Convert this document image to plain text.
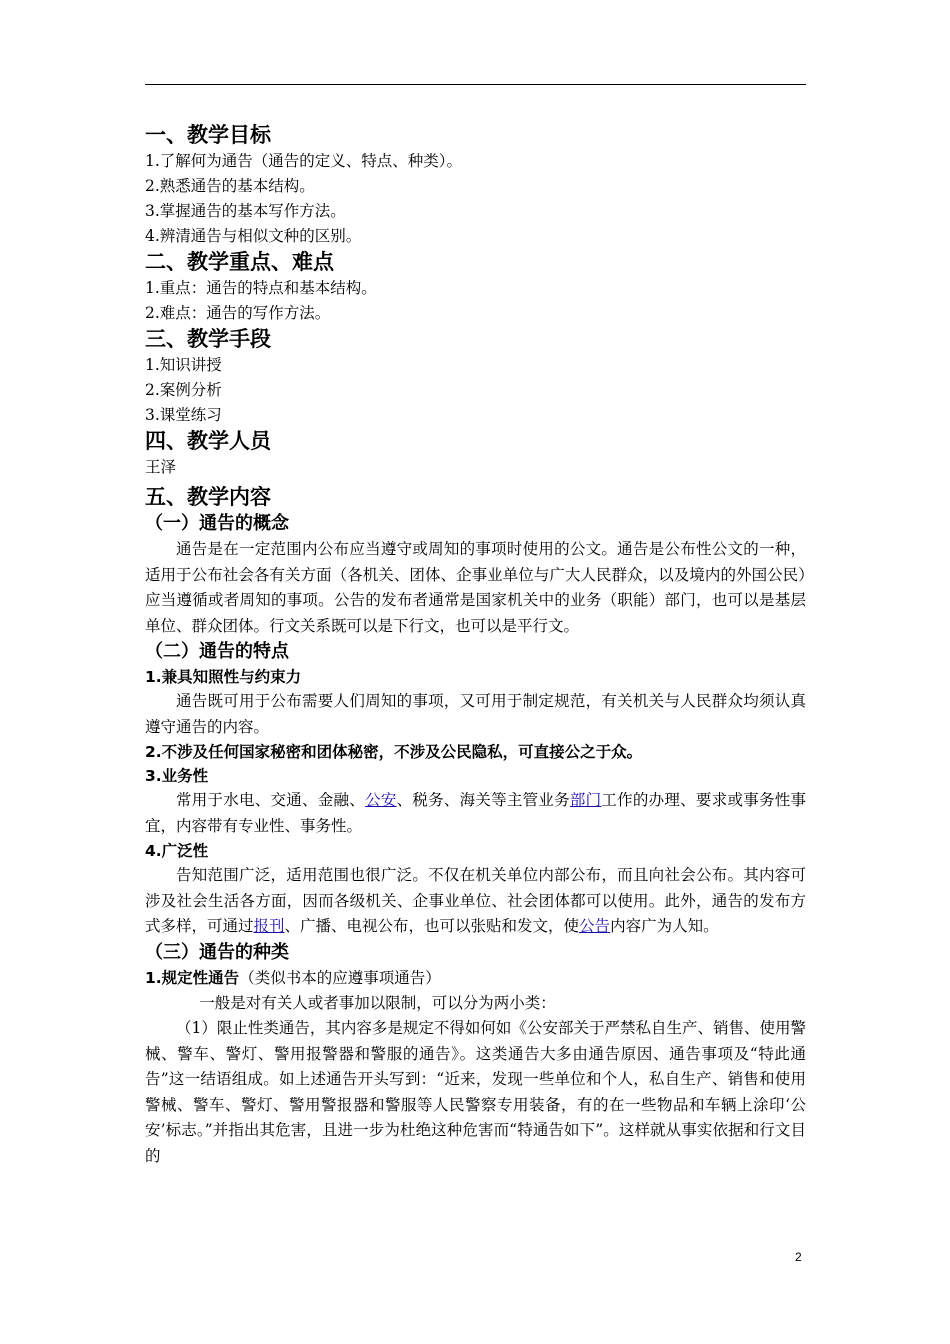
一、教学目标
1.了解何为通告（通告的定义、特点、种类）。
2.熟悉通告的基本结构。
3.掌握通告的基本写作方法。
4.辨清通告与相似文种的区别。
二、教学重点、难点
1.重点：通告的特点和基本结构。
2.难点：通告的写作方法。
三、教学手段
1.知识讲授
2.案例分析
3.课堂练习
四、教学人员
王泽
五、教学内容
（一）通告的概念
通告是在一定范围内公布应当遵守或周知的事项时使用的公文。通告是公布性公文的一种，适用于公布社会各有关方面（各机关、团体、企事业单位与广大人民群众，以及境内的外国公民）应当遵循或者周知的事项。公告的发布者通常是国家机关中的业务（职能）部门，也可以是基层单位、群众团体。行文关系既可以是下行文，也可以是平行文。
（二）通告的特点
1.兼具知照性与约束力
通告既可用于公布需要人们周知的事项，又可用于制定规范，有关机关与人民群众均须认真遵守通告的内容。
2.不涉及任何国家秘密和团体秘密，不涉及公民隐私，可直接公之于众。
3.业务性
常用于水电、交通、金融、公安、税务、海关等主管业务部门工作的办理、要求或事务性事宜，内容带有专业性、事务性。
4.广泛性
告知范围广泛，适用范围也很广泛。不仅在机关单位内部公布，而且向社会公布。其内容可涉及社会生活各方面，因而各级机关、企事业单位、社会团体都可以使用。此外，通告的发布方式多样，可通过报刊、广播、电视公布，也可以张贴和发文，使公告内容广为人知。
（三）通告的种类
1.规定性通告（类似书本的应遵事项通告）
一般是对有关人或者事加以限制，可以分为两小类：
（1）限止性类通告，其内容多是规定不得如何如《公安部关于严禁私自生产、销售、使用警械、警车、警灯、警用报警器和警服的通告》。这类通告大多由通告原因、通告事项及“特此通告”这一结语组成。如上述通告开头写到：“近来，发现一些单位和个人，私自生产、销售和使用警械、警车、警灯、警用警报器和警服等人民警察专用装备，有的在一些物品和车辆上涂印‘公安’标志。”并指出其危害，且进一步为杜绝这种危害而“特通告如下”。这样就从事实依据和行文目的
2
